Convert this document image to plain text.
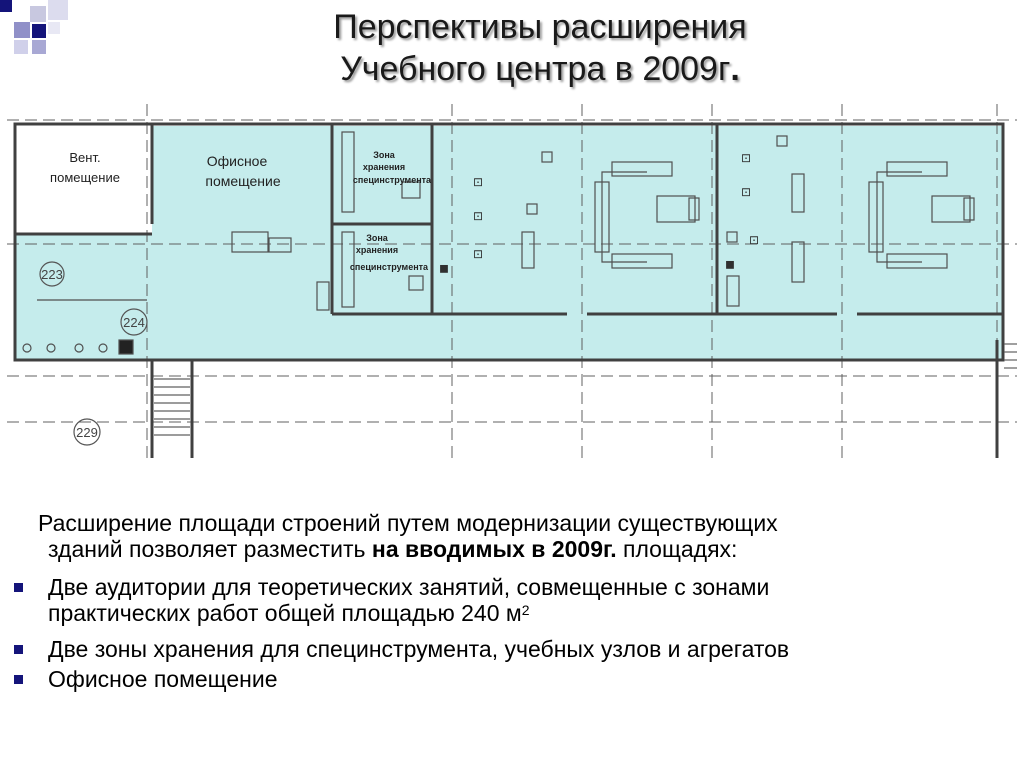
Перспективы расширения
Учебного центра в 2009г.
⊡
⊡
⊡
⊡
⊡
⊡
◼	◼
Вент.
помещение
Офисное
помещение
Зона
хранения
специнструмента
Зона
хранения
специнструмента
223
224
229
Расширение площади строений путем модернизации существующих
зданий позволяет разместить на вводимых в 2009г. площадях:
Две аудитории для теоретических занятий, совмещенные с зонами
практических работ общей площадью 240 $м^2$
Две зоны хранения для специнструмента, учебных узлов и агрегатов
Офисное помещение
